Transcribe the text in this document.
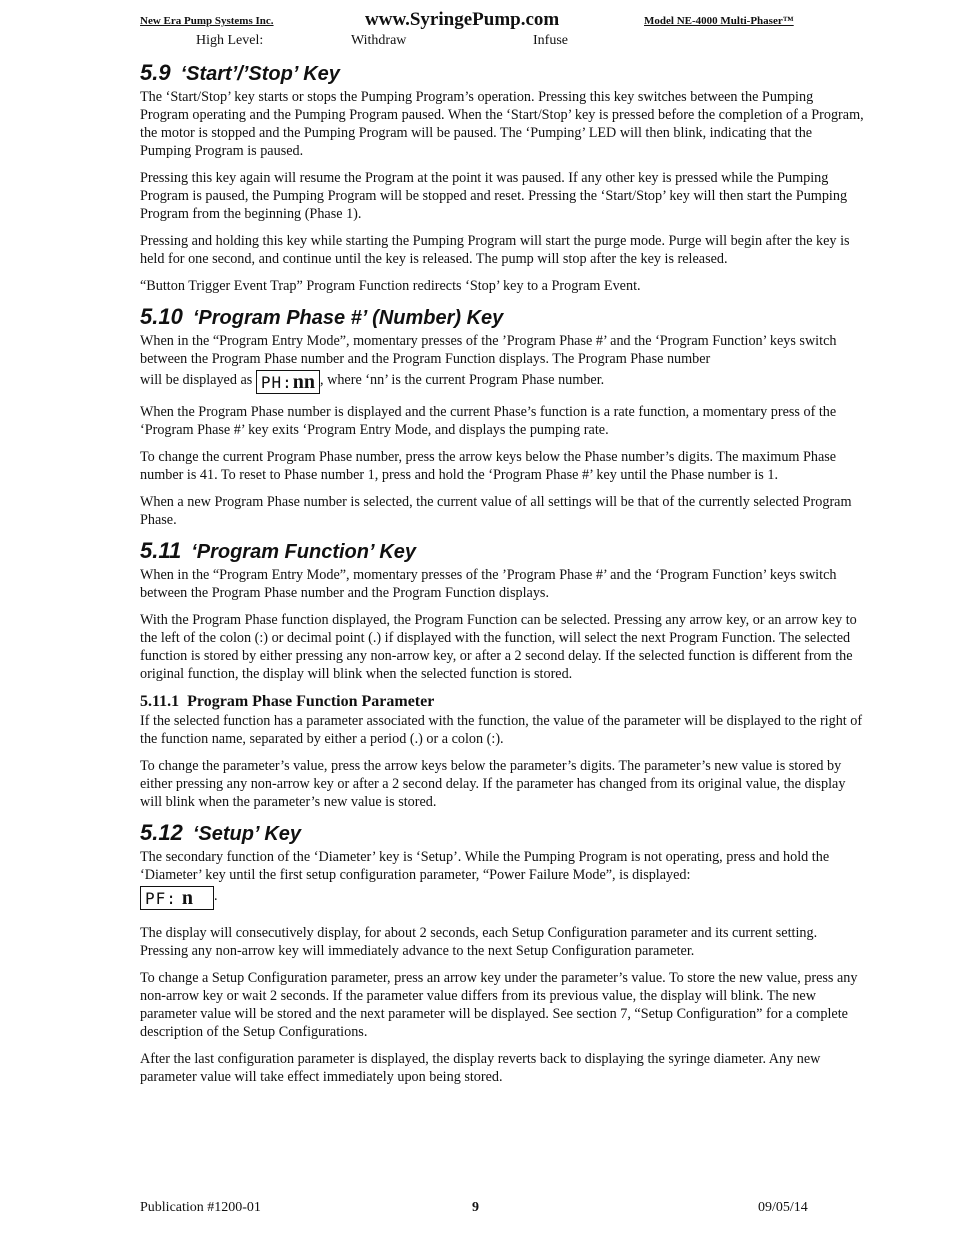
New Era Pump Systems Inc.	www.SyringePump.com	Model NE-4000 Multi-Phaser™
High Level:	Withdraw	Infuse
5.9 ‘Start’/’Stop’ Key

The ‘Start/Stop’ key starts or stops the Pumping Program’s operation. Pressing this key switches between the Pumping Program operating and the Pumping Program paused. When the ‘Start/Stop’ key is pressed before the completion of a Program, the motor is stopped and the Pumping Program will be paused. The ‘Pumping’ LED will then blink, indicating that the Pumping Program is paused.

Pressing this key again will resume the Program at the point it was paused. If any other key is pressed while the Pumping Program is paused, the Pumping Program will be stopped and reset. Pressing the ‘Start/Stop’ key will then start the Pumping Program from the beginning (Phase 1).

Pressing and holding this key while starting the Pumping Program will start the purge mode. Purge will begin after the key is held for one second, and continue until the key is released. The pump will stop after the key is released.

“Button Trigger Event Trap” Program Function redirects ‘Stop’ key to a Program Event.

5.10 ‘Program Phase #’ (Number) Key

When in the “Program Entry Mode”, momentary presses of the ’Program Phase #’ and the ‘Program Function’ keys switch between the Program Phase number and the Program Function displays. The Program Phase number

will be displayed as PH:nn , where ‘nn’ is the current Program Phase number.

When the Program Phase number is displayed and the current Phase’s function is a rate function, a momentary press of the ‘Program Phase #’ key exits ‘Program Entry Mode, and displays the pumping rate.

To change the current Program Phase number, press the arrow keys below the Phase number’s digits. The maximum Phase number is 41. To reset to Phase number 1, press and hold the ‘Program Phase #’ key until the Phase number is 1.

When a new Program Phase number is selected, the current value of all settings will be that of the currently selected Program Phase.

5.11 ‘Program Function’ Key

When in the “Program Entry Mode”, momentary presses of the ’Program Phase #’ and the ‘Program Function’ keys switch between the Program Phase number and the Program Function displays.

With the Program Phase function displayed, the Program Function can be selected. Pressing any arrow key, or an arrow key to the left of the colon (:) or decimal point (.) if displayed with the function, will select the next Program Function. The selected function is stored by either pressing any non-arrow key, or after a 2 second delay. If the selected function is different from the original function, the display will blink when the selected function is stored.

5.11.1 Program Phase Function Parameter

If the selected function has a parameter associated with the function, the value of the parameter will be displayed to the right of the function name, separated by either a period (.) or a colon (:).

To change the parameter’s value, press the arrow keys below the parameter’s digits. The parameter’s new value is stored by either pressing any non-arrow key or after a 2 second delay. If the parameter has changed from its original value, the display will blink when the parameter’s new value is stored.

5.12 ‘Setup’ Key

The secondary function of the ‘Diameter’ key is ‘Setup’. While the Pumping Program is not operating, press and hold the ‘Diameter’ key until the first setup configuration parameter, “Power Failure Mode”, is displayed:

PF: n .

The display will consecutively display, for about 2 seconds, each Setup Configuration parameter and its current setting. Pressing any non-arrow key will immediately advance to the next Setup Configuration parameter.

To change a Setup Configuration parameter, press an arrow key under the parameter’s value. To store the new value, press any non-arrow key or wait 2 seconds. If the parameter value differs from its previous value, the display will blink. The new parameter value will be stored and the next parameter will be displayed. See section 7, “Setup Configuration” for a complete description of the Setup Configurations.

After the last configuration parameter is displayed, the display reverts back to displaying the syringe diameter. Any new parameter value will take effect immediately upon being stored.

Publication #1200-01	9	09/05/14
